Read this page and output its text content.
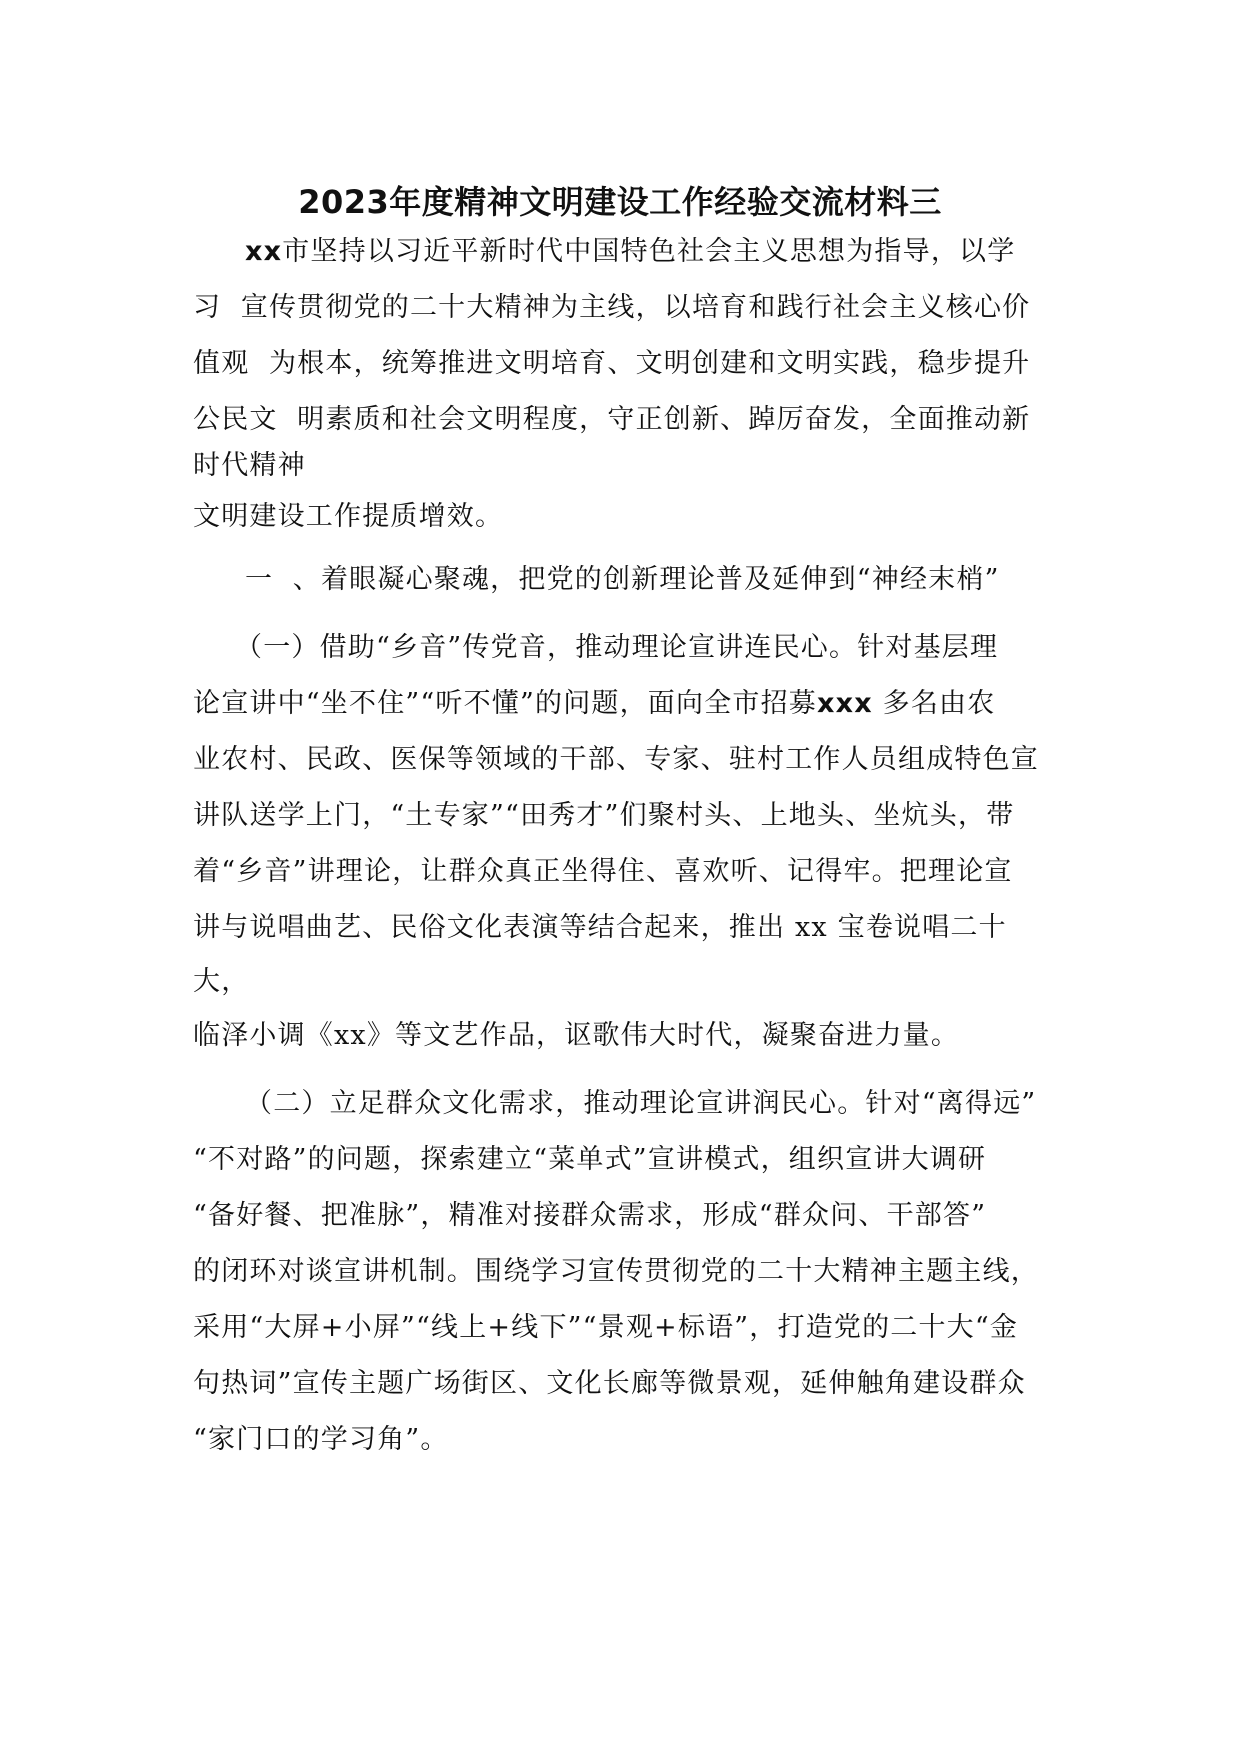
2023年度精神文明建设工作经验交流材料三
xx市坚持以习近平新时代中国特色社会主义思想为指导，以学
习  宣传贯彻党的二十大精神为主线，以培育和践行社会主义核心价
值观  为根本，统筹推进文明培育、文明创建和文明实践，稳步提升
公民文  明素质和社会文明程度，守正创新、踔厉奋发，全面推动新
时代精神
文明建设工作提质增效。
一  、着眼凝心聚魂，把党的创新理论普及延伸到“神经末梢”
（一）借助“乡音”传党音，推动理论宣讲连民心。针对基层理
论宣讲中“坐不住”“听不懂”的问题，面向全市招募xxx 多名由农
业农村、民政、医保等领域的干部、专家、驻村工作人员组成特色宣
讲队送学上门，“土专家”“田秀才”们聚村头、上地头、坐炕头，带
着“乡音”讲理论，让群众真正坐得住、喜欢听、记得牢。把理论宣
讲与说唱曲艺、民俗文化表演等结合起来，推出 xx 宝卷说唱二十
大，
临泽小调《xx》等文艺作品，讴歌伟大时代，凝聚奋进力量。
（二）立足群众文化需求，推动理论宣讲润民心。针对“离得远”
“不对路”的问题，探索建立“菜单式”宣讲模式，组织宣讲大调研
“备好餐、把准脉”，精准对接群众需求，形成“群众问、干部答”
的闭环对谈宣讲机制。围绕学习宣传贯彻党的二十大精神主题主线，
采用“大屏+小屏”“线上+线下”“景观+标语”，打造党的二十大“金
句热词”宣传主题广场街区、文化长廊等微景观，延伸触角建设群众
“家门口的学习角”。
